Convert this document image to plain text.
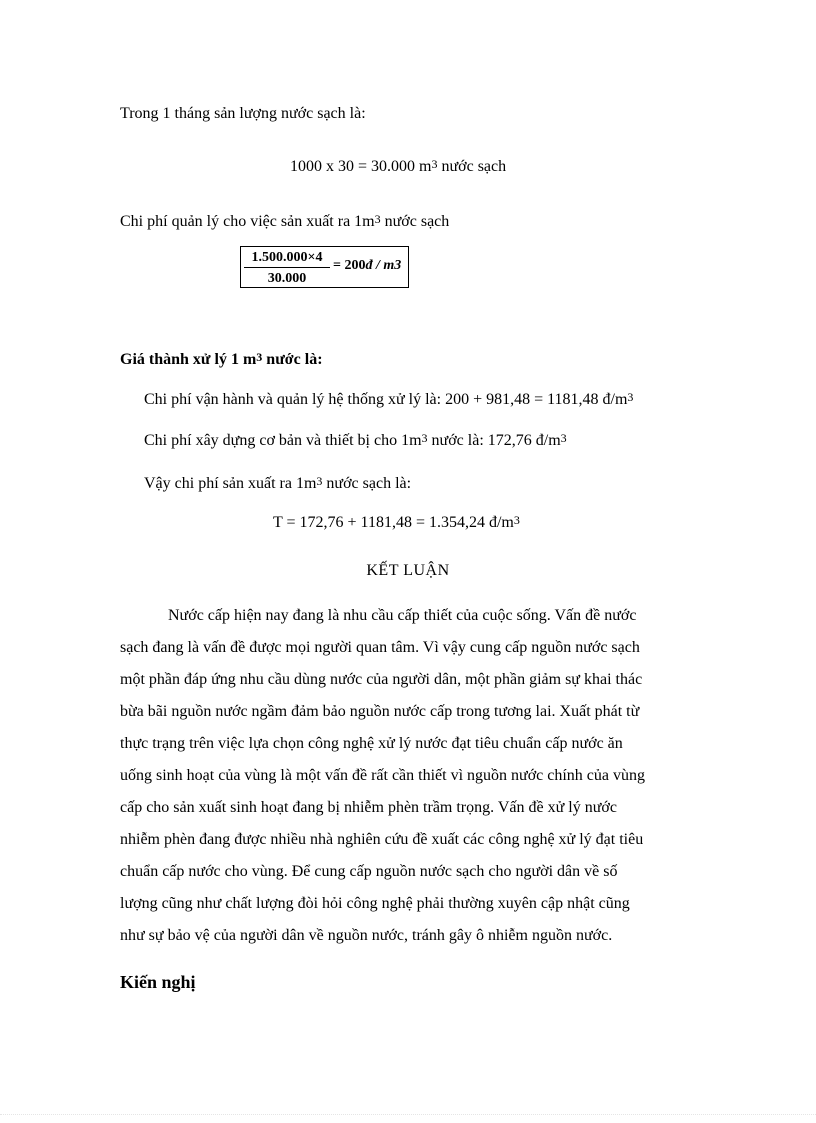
Trong 1 tháng sản lượng nước sạch là:
1000 x 30 = 30.000 $m^3$ nước sạch
Chi phí quản lý cho việc sản xuất ra $1m^3$ nước sạch
$\frac{1.500.000\times 4}{30.000}$ = 200đ / m3
Giá thành xử lý 1 $m^3$ nước là:
Chi phí vận hành và quản lý hệ thống xử lý là: 200 + 981,48 = 1181,48 $đ/m^3$
Chi phí xây dựng cơ bản và thiết bị cho $1m^3$ nước là: 172,76 $đ/m^3$
Vậy chi phí sản xuất ra $1m^3$ nước sạch là:
T = 172,76 + 1181,48 = 1.354,24 $đ/m^3$
KẾT LUẬN
Nước cấp hiện nay đang là nhu cầu cấp thiết của cuộc sống. Vấn đề nước
sạch đang là vấn đề được mọi người quan tâm. Vì vậy cung cấp nguồn nước sạch
một phần đáp ứng nhu cầu dùng nước của người dân, một phần giảm sự khai thác
bừa bãi nguồn nước ngầm đảm bảo nguồn nước cấp trong tương lai. Xuất phát từ
thực trạng trên việc lựa chọn công nghệ xử lý nước đạt tiêu chuẩn cấp nước ăn
uống sinh hoạt của vùng là một vấn đề rất cần thiết vì nguồn nước chính của vùng
cấp cho sản xuất sinh hoạt đang bị nhiễm phèn trầm trọng. Vấn đề xử lý nước
nhiễm phèn đang được nhiều nhà nghiên cứu đề xuất các công nghệ xử lý đạt tiêu
chuẩn cấp nước cho vùng. Để cung cấp nguồn nước sạch cho người dân về số
lượng cũng như chất lượng đòi hỏi công nghệ phải thường xuyên cập nhật cũng
như sự bảo vệ của người dân về nguồn nước, tránh gây ô nhiễm nguồn nước.
Kiến nghị
